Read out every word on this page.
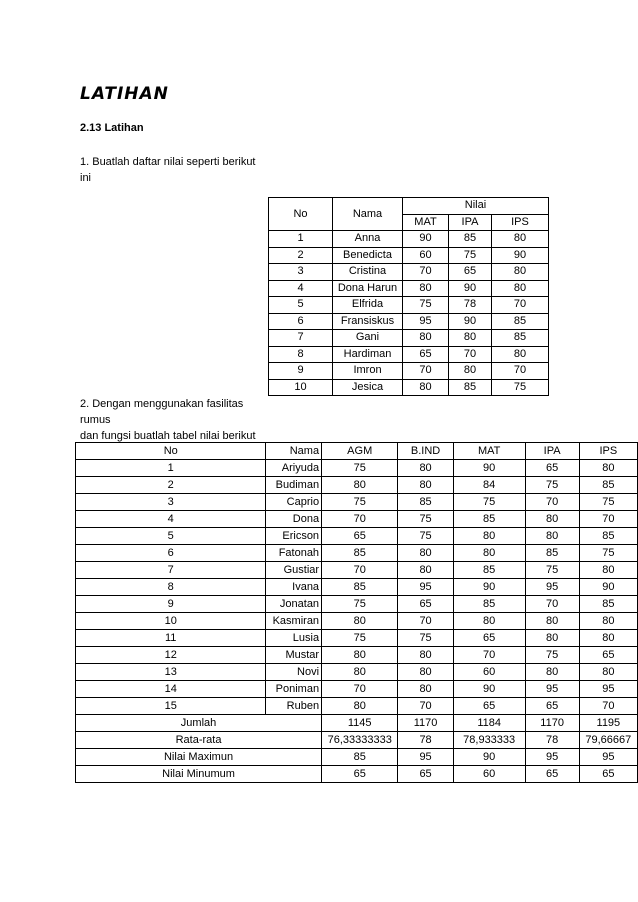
LATIHAN
2.13 Latihan
1. Buatlah daftar nilai seperti berikut ini
2. Dengan menggunakan fasilitas
rumus
dan fungsi buatlah tabel nilai berikut
No	Nama	Nilai		
		MAT	IPA	IPS
1	Anna	90	85	80
2	Benedicta	60	75	90
3	Cristina	70	65	80
4	Dona Harun	80	90	80
5	Elfrida	75	78	70
6	Fransiskus	95	90	85
7	Gani	80	80	85
8	Hardiman	65	70	80
9	Imron	70	80	70
10	Jesica	80	85	75
No	Nama	AGM	B.IND	MAT	IPA	IPS
1	Ariyuda	75	80	90	65	80
2	Budiman	80	80	84	75	85
3	Caprio	75	85	75	70	75
4	Dona	70	75	85	80	70
5	Ericson	65	75	80	80	85
6	Fatonah	85	80	80	85	75
7	Gustiar	70	80	85	75	80
8	Ivana	85	95	90	95	90
9	Jonatan	75	65	85	70	85
10	Kasmiran	80	70	80	80	80
11	Lusia	75	75	65	80	80
12	Mustar	80	80	70	75	65
13	Novi	80	80	60	80	80
14	Poniman	70	80	90	95	95
15	Ruben	80	70	65	65	70
Jumlah		1145	1170	1184	1170	1195
Rata-rata		76,33333333	78	78,933333	78	79,66667
Nilai Maximun		85	95	90	95	95
Nilai Minumum		65	65	60	65	65
